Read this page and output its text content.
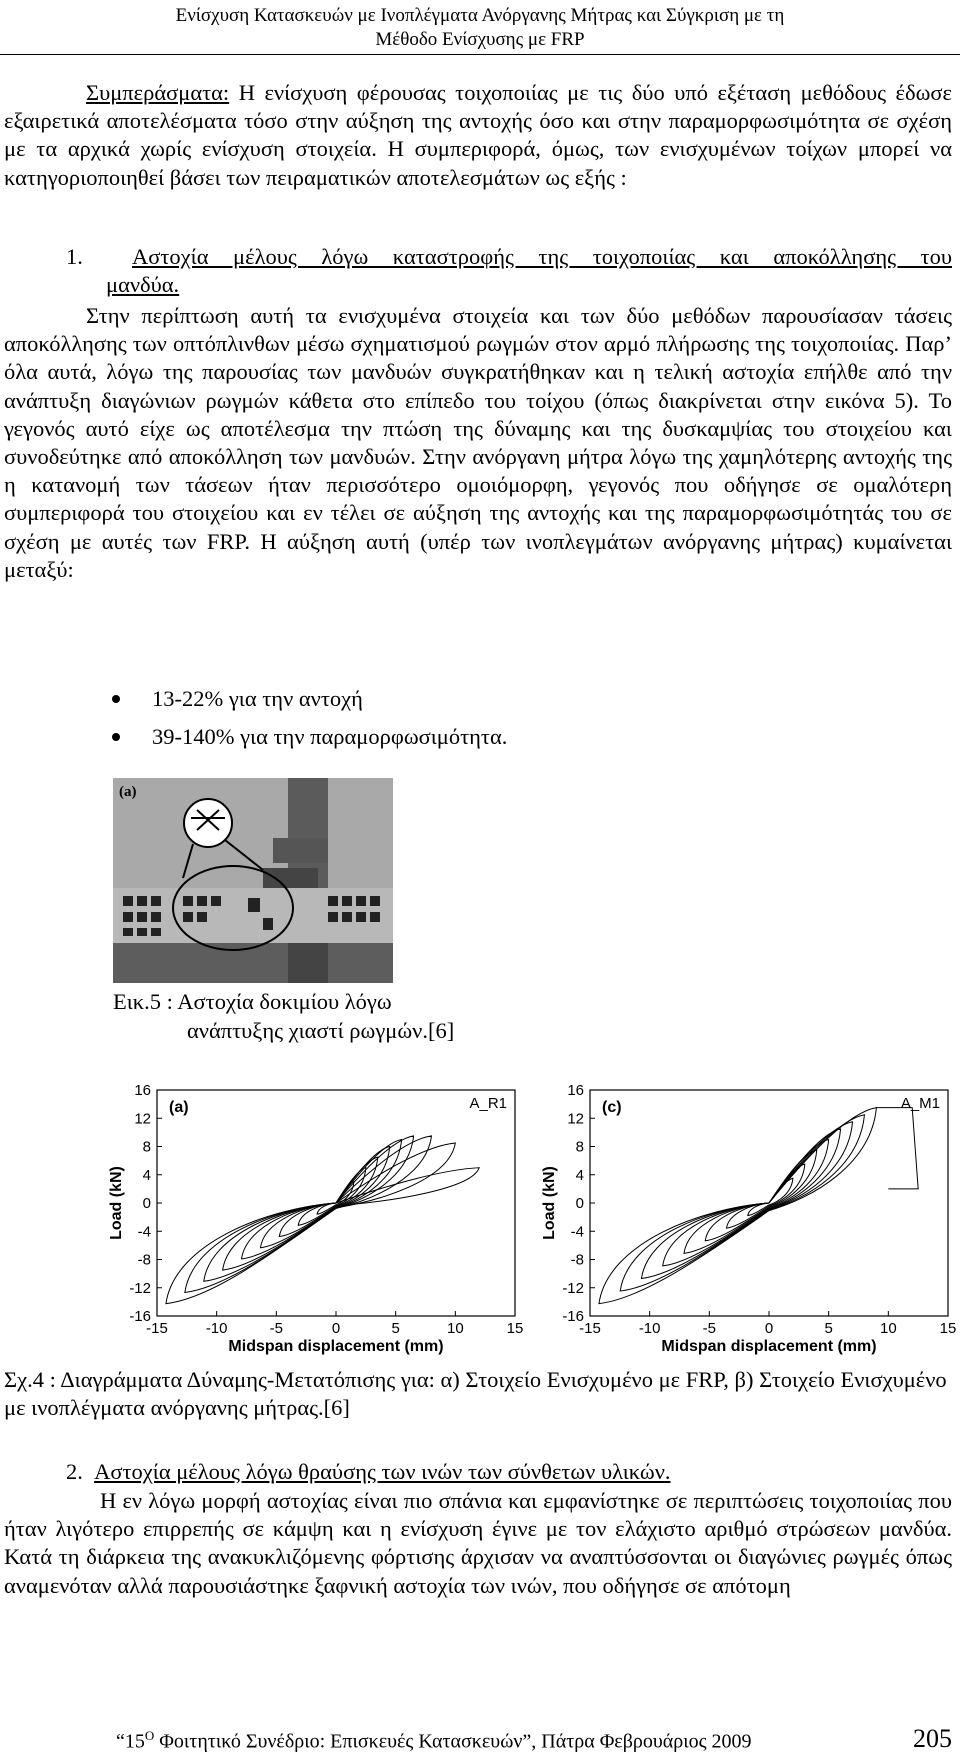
Ενίσχυση Κατασκευών με Ινοπλέγματα Ανόργανης Μήτρας και Σύγκριση με τη
Μέθοδο Ενίσχυσης με FRP
Συμπεράσματα: Η ενίσχυση φέρουσας τοιχοποιίας με τις δύο υπό εξέταση μεθόδους έδωσε εξαιρετικά αποτελέσματα τόσο στην αύξηση της αντοχής όσο και στην παραμορφωσιμότητα σε σχέση με τα αρχικά χωρίς ενίσχυση στοιχεία. Η συμπεριφορά, όμως, των ενισχυμένων τοίχων μπορεί να κατηγοριοποιηθεί βάσει των πειραματικών αποτελεσμάτων ως εξής :
1. Αστοχία μέλους λόγω καταστροφής της τοιχοποιίας και αποκόλλησης του
μανδύα.
Στην περίπτωση αυτή τα ενισχυμένα στοιχεία και των δύο μεθόδων παρουσίασαν τάσεις αποκόλλησης των οπτόπλινθων μέσω σχηματισμού ρωγμών στον αρμό πλήρωσης της τοιχοποιίας. Παρ’ όλα αυτά, λόγω της παρουσίας των μανδυών συγκρατήθηκαν και η τελική αστοχία επήλθε από την ανάπτυξη διαγώνιων ρωγμών κάθετα στο επίπεδο του τοίχου (όπως διακρίνεται στην εικόνα 5). Το γεγονός αυτό είχε ως αποτέλεσμα την πτώση της δύναμης και της δυσκαμψίας του στοιχείου και συνοδεύτηκε από αποκόλληση των μανδυών. Στην ανόργανη μήτρα λόγω της χαμηλότερης αντοχής της η κατανομή των τάσεων ήταν περισσότερο ομοιόμορφη, γεγονός που οδήγησε σε ομαλότερη συμπεριφορά του στοιχείου και εν τέλει σε αύξηση της αντοχής και της παραμορφωσιμότητάς του σε σχέση με αυτές των FRP. Η αύξηση αυτή (υπέρ των ινοπλεγμάτων ανόργανης μήτρας) κυμαίνεται μεταξύ:
13-22% για την αντοχή
39-140% για την παραμορφωσιμότητα.
(a)
Εικ.5 : Αστοχία δοκιμίου λόγω
ανάπτυξης χιαστί ρωγμών.[6]
-15	-10	-5	0	5	10	15
16
12
8
4
0
-4
-8
-12
-16
Midspan displacement (mm)
Load (kN)
(a)	A_R1
-15	-10	-5	0	5	10	15
16
12
8
4
0
-4
-8
-12
-16
Midspan displacement (mm)
Load (kN)
(c)	A_M1
Σχ.4 : Διαγράμματα Δύναμης-Μετατόπισης για: α) Στοιχείο Ενισχυμένο με FRP, β) Στοιχείο Ενισχυμένο με ινοπλέγματα ανόργανης μήτρας.[6]
2. Αστοχία μέλους λόγω θραύσης των ινών των σύνθετων υλικών.
Η εν λόγω μορφή αστοχίας είναι πιο σπάνια και εμφανίστηκε σε περιπτώσεις τοιχοποιίας που ήταν λιγότερο επιρρεπής σε κάμψη και η ενίσχυση έγινε με τον ελάχιστο αριθμό στρώσεων μανδύα. Κατά τη διάρκεια της ανακυκλιζόμενης φόρτισης άρχισαν να αναπτύσσονται οι διαγώνιες ρωγμές όπως αναμενόταν αλλά παρουσιάστηκε ξαφνική αστοχία των ινών, που οδήγησε σε απότομη
“$15^O$ Φοιτητικό Συνέδριο: Επισκευές Κατασκευών”, Πάτρα Φεβρουάριος 2009	205
